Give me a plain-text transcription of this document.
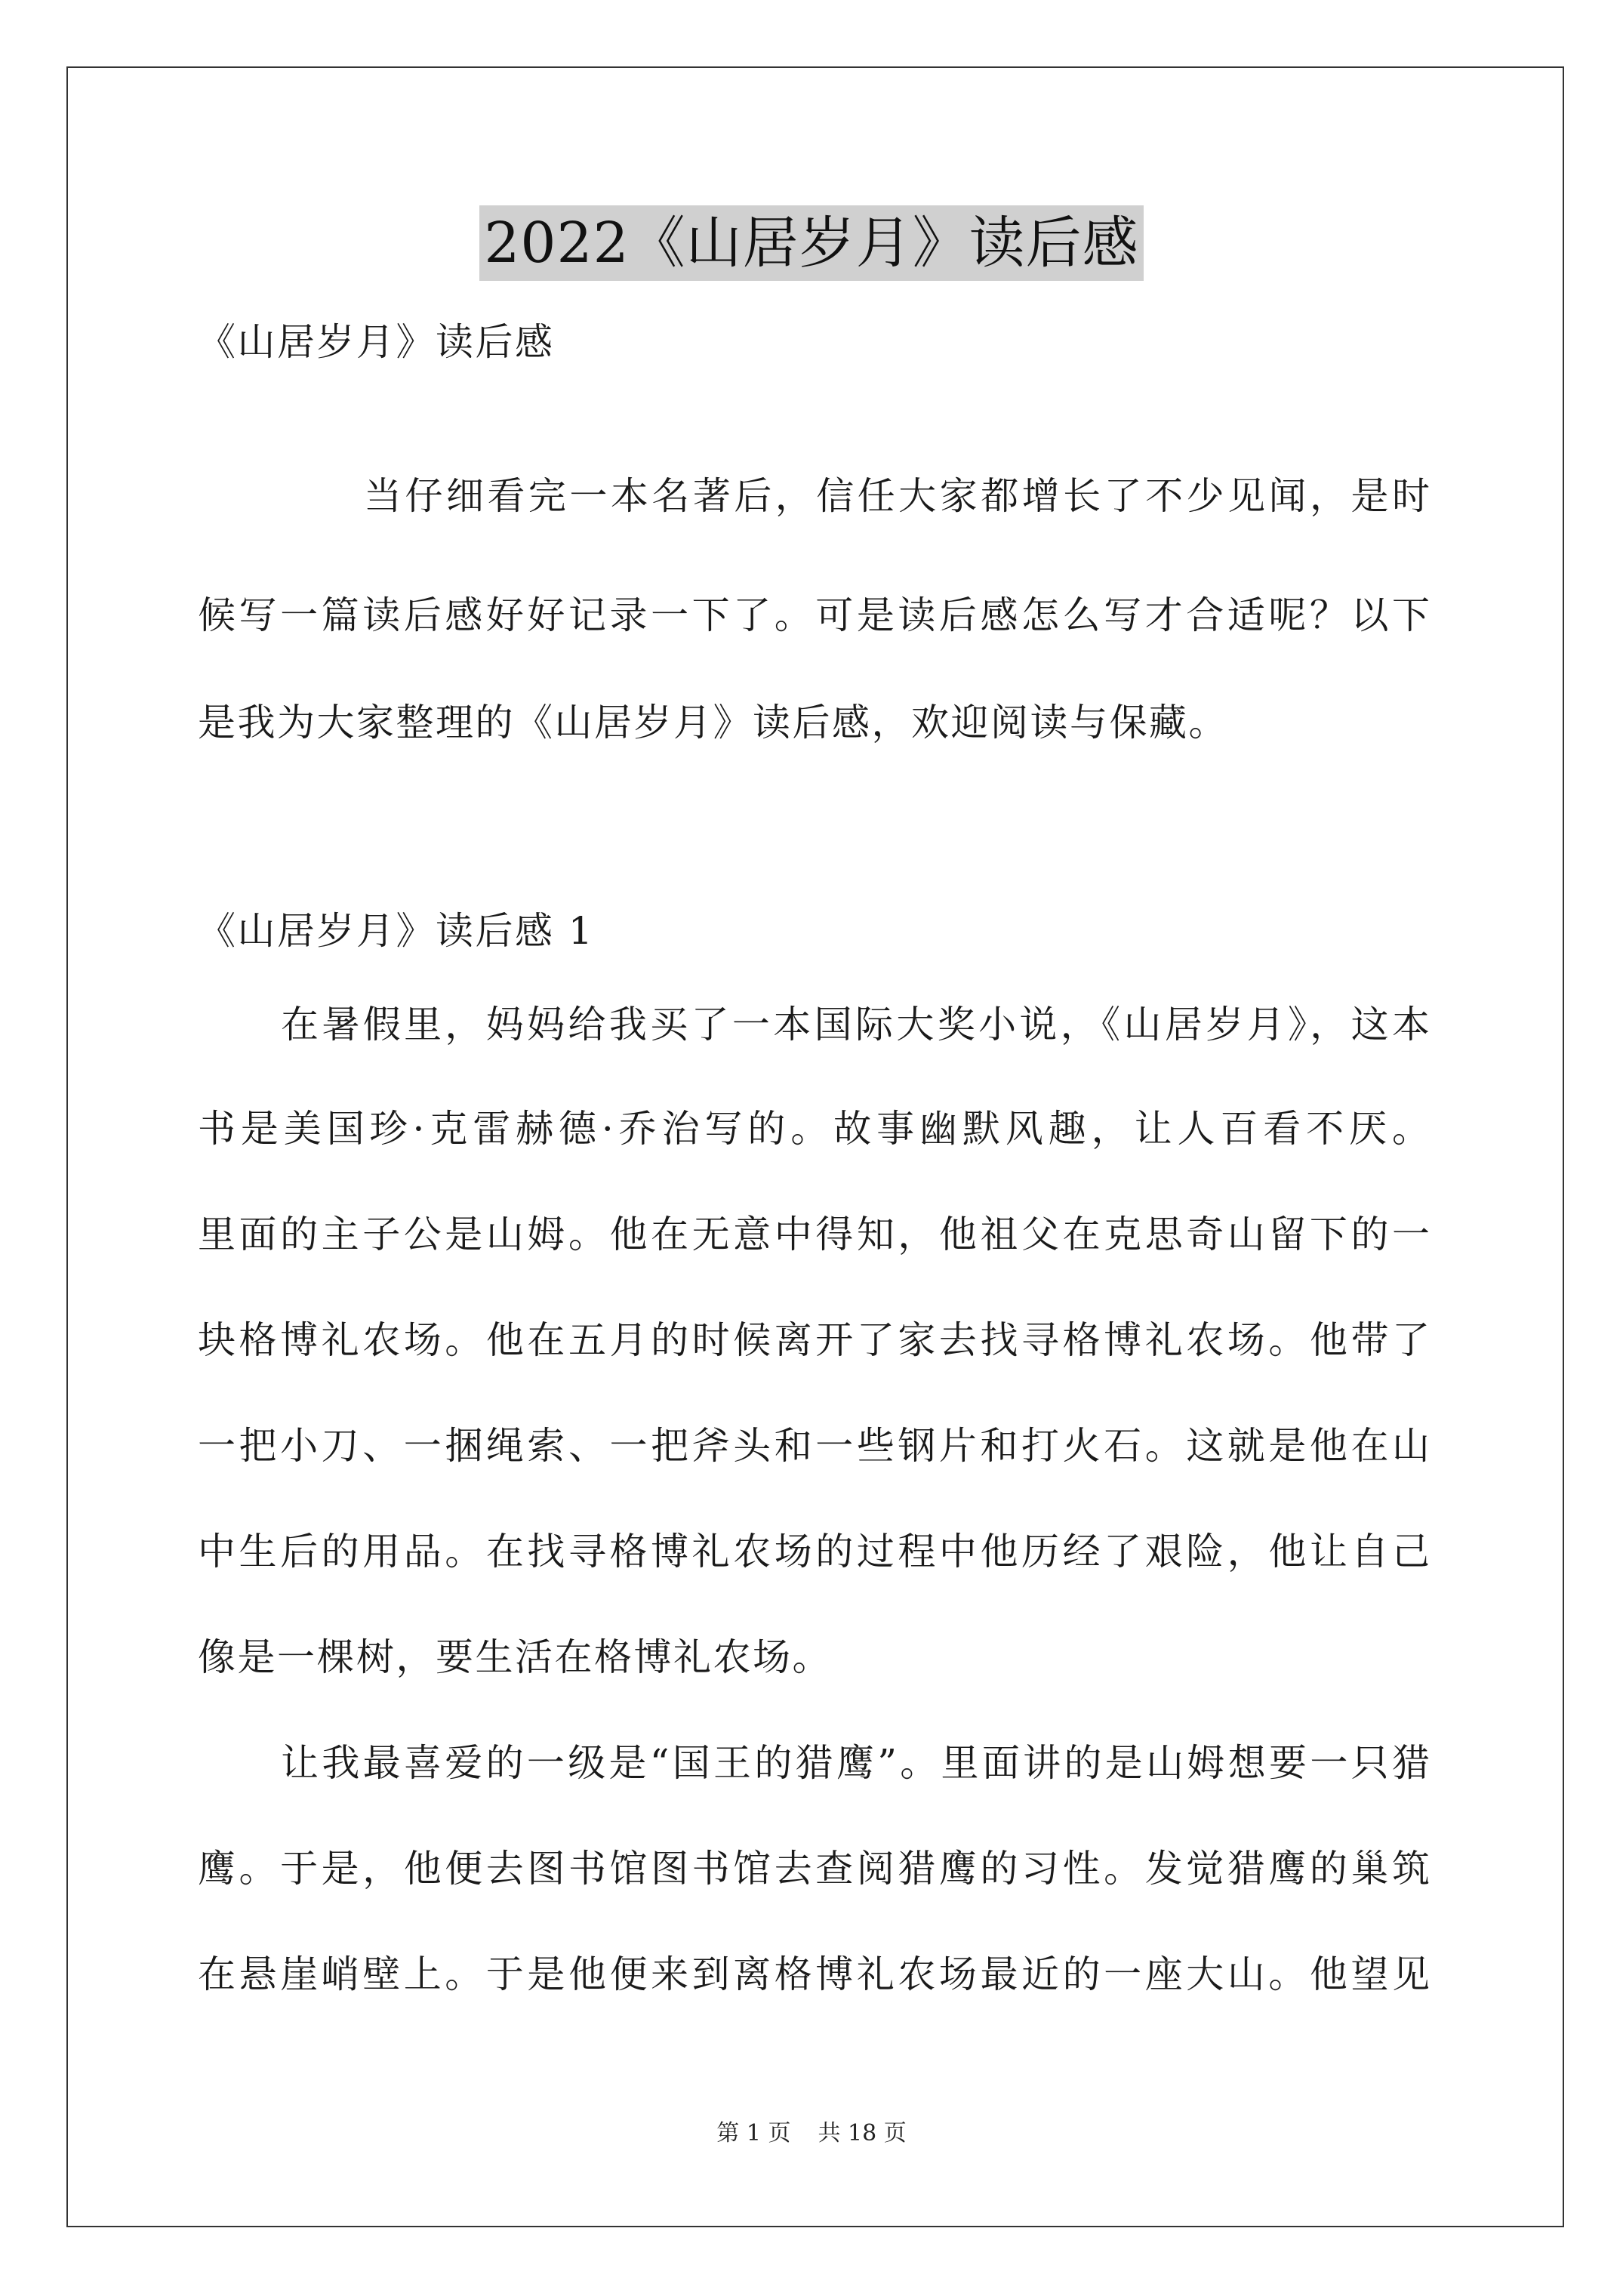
2022《山居岁月》读后感
《山居岁月》读后感
当仔细看完一本名著后，信任大家都增长了不少见闻，是时
候写一篇读后感好好记录一下了。可是读后感怎么写才合适呢？以下
是我为大家整理的《山居岁月》读后感，欢迎阅读与保藏。
《山居岁月》读后感 1
在暑假里，妈妈给我买了一本国际大奖小说，《山居岁月》，这本
书是美国珍·克雷赫德·乔治写的。故事幽默风趣，让人百看不厌。
里面的主子公是山姆。他在无意中得知，他祖父在克思奇山留下的一
块格博礼农场。他在五月的时候离开了家去找寻格博礼农场。他带了
一把小刀、一捆绳索、一把斧头和一些钢片和打火石。这就是他在山
中生后的用品。在找寻格博礼农场的过程中他历经了艰险，他让自己
像是一棵树，要生活在格博礼农场。
让我最喜爱的一级是“国王的猎鹰”。里面讲的是山姆想要一只猎
鹰。于是，他便去图书馆图书馆去查阅猎鹰的习性。发觉猎鹰的巢筑
在悬崖峭壁上。于是他便来到离格博礼农场最近的一座大山。他望见
第 1 页 共 18 页
